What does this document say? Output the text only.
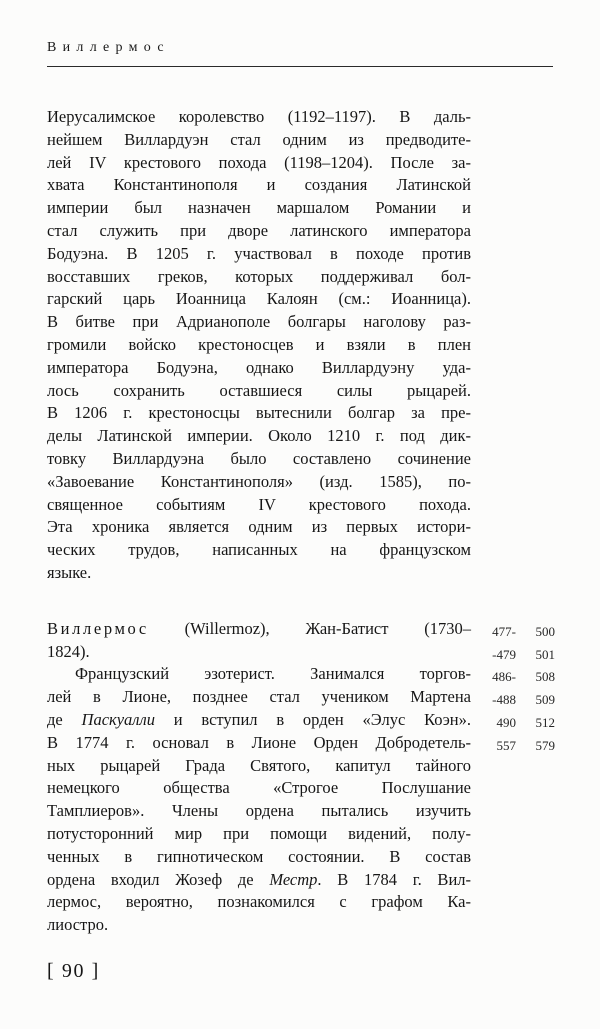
Виллермос
Иерусалимское королевство (1192–1197). В даль-
нейшем Виллардуэн стал одним из предводите-
лей IV крестового похода (1198–1204). После за-
хвата Константинополя и создания Латинской
империи был назначен маршалом Романии и
стал служить при дворе латинского императора
Бодуэна. В 1205 г. участвовал в походе против
восставших греков, которых поддерживал бол-
гарский царь Иоанница Калоян (см.: Иоанница).
В битве при Адрианополе болгары наголову раз-
громили войско крестоносцев и взяли в плен
императора Бодуэна, однако Виллардуэну уда-
лось сохранить оставшиеся силы рыцарей.
В 1206 г. крестоносцы вытеснили болгар за пре-
делы Латинской империи. Около 1210 г. под дик-
товку Виллардуэна было составлено сочинение
«Завоевание Константинополя» (изд. 1585), по-
священное событиям IV крестового похода.
Эта хроника является одним из первых истори-
ческих трудов, написанных на французском
языке.
Виллермос (Willermoz), Жан-Батист (1730–
1824).
Французский эзотерист. Занимался торгов-
лей в Лионе, позднее стал учеником Мартена
де Паскуалли и вступил в орден «Элус Коэн».
В 1774 г. основал в Лионе Орден Добродетель-
ных рыцарей Града Святого, капитул тайного
немецкого общества «Строгое Послушание
Тамплиеров». Члены ордена пытались изучить
потусторонний мир при помощи видений, полу-
ченных в гипнотическом состоянии. В состав
ордена входил Жозеф де Местр. В 1784 г. Вил-
лермос, вероятно, познакомился с графом Ка-
лиостро.
477-	500
-479	501
486-	508
-488	509
490	512
557	579
[ 90 ]
